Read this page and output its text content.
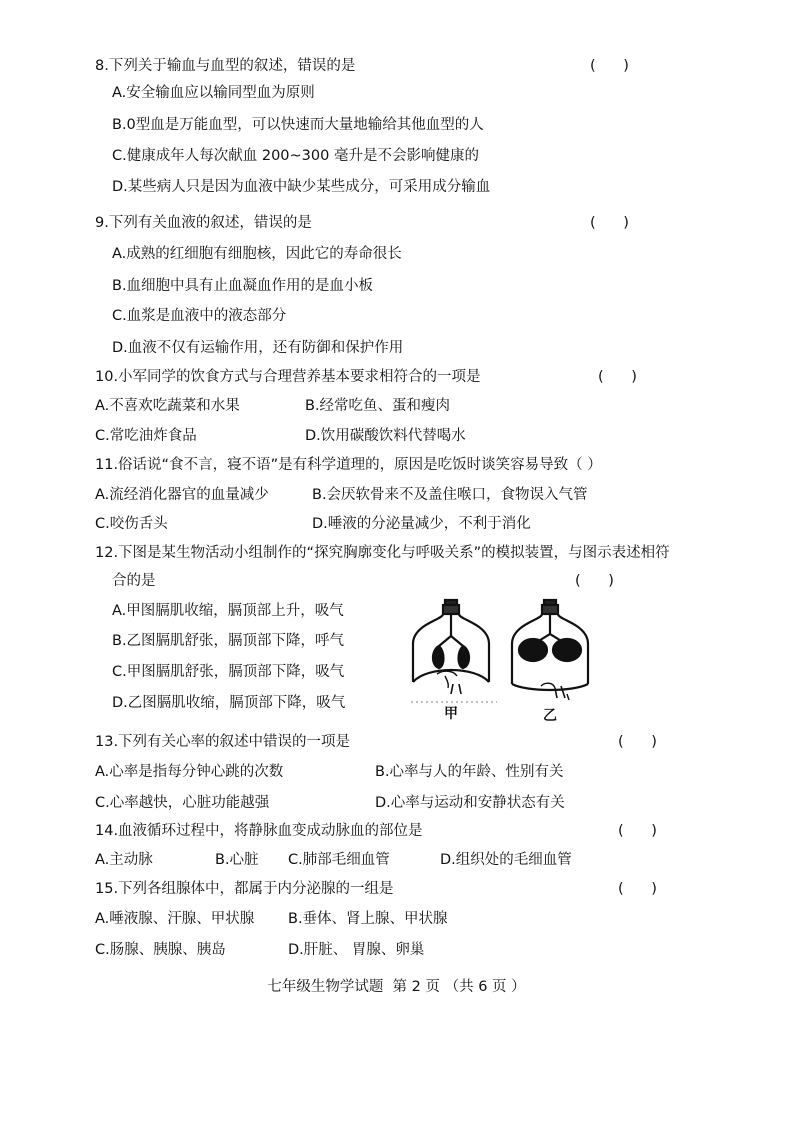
8.下列关于输血与血型的叙述，错误的是	(      )
A.安全输血应以输同型血为原则
B.0型血是万能血型，可以快速而大量地输给其他血型的人
C.健康成年人每次献血 200~300 毫升是不会影响健康的
D.某些病人只是因为血液中缺少某些成分，可采用成分输血
9.下列有关血液的叙述，错误的是	(      )
A.成熟的红细胞有细胞核，因此它的寿命很长
B.血细胞中具有止血凝血作用的是血小板
C.血浆是血液中的液态部分
D.血液不仅有运输作用，还有防御和保护作用
10.小军同学的饮食方式与合理营养基本要求相符合的一项是	(      )
A.不喜欢吃蔬菜和水果	B.经常吃鱼、蛋和瘦肉
C.常吃油炸食品	D.饮用碳酸饮料代替喝水
11.俗话说“食不言，寝不语”是有科学道理的，原因是吃饭时谈笑容易导致（ ）
A.流经消化器官的血量减少	B.会厌软骨来不及盖住喉口，食物误入气管
C.咬伤舌头	D.唾液的分泌量减少，不利于消化
12.下图是某生物活动小组制作的“探究胸廓变化与呼吸关系”的模拟装置，与图示表述相符
合的是	(      )
A.甲图膈肌收缩，膈顶部上升，吸气
B.乙图膈肌舒张，膈顶部下降，呼气
C.甲图膈肌舒张，膈顶部下降，吸气
D.乙图膈肌收缩，膈顶部下降，吸气
甲	乙
13.下列有关心率的叙述中错误的一项是	(      )
A.心率是指每分钟心跳的次数	B.心率与人的年龄、性别有关
C.心率越快，心脏功能越强	D.心率与运动和安静状态有关
14.血液循环过程中，将静脉血变成动脉血的部位是	(      )
A.主动脉	B.心脏 C.肺部毛细血管	D.组织处的毛细血管
15.下列各组腺体中，都属于内分泌腺的一组是	(      )
A.唾液腺、汗腺、甲状腺 B.垂体、肾上腺、甲状腺
C.肠腺、胰腺、胰岛	D.肝脏、 胃腺、卵巢
七年级生物学试题  第 2 页 （共 6 页 ）
